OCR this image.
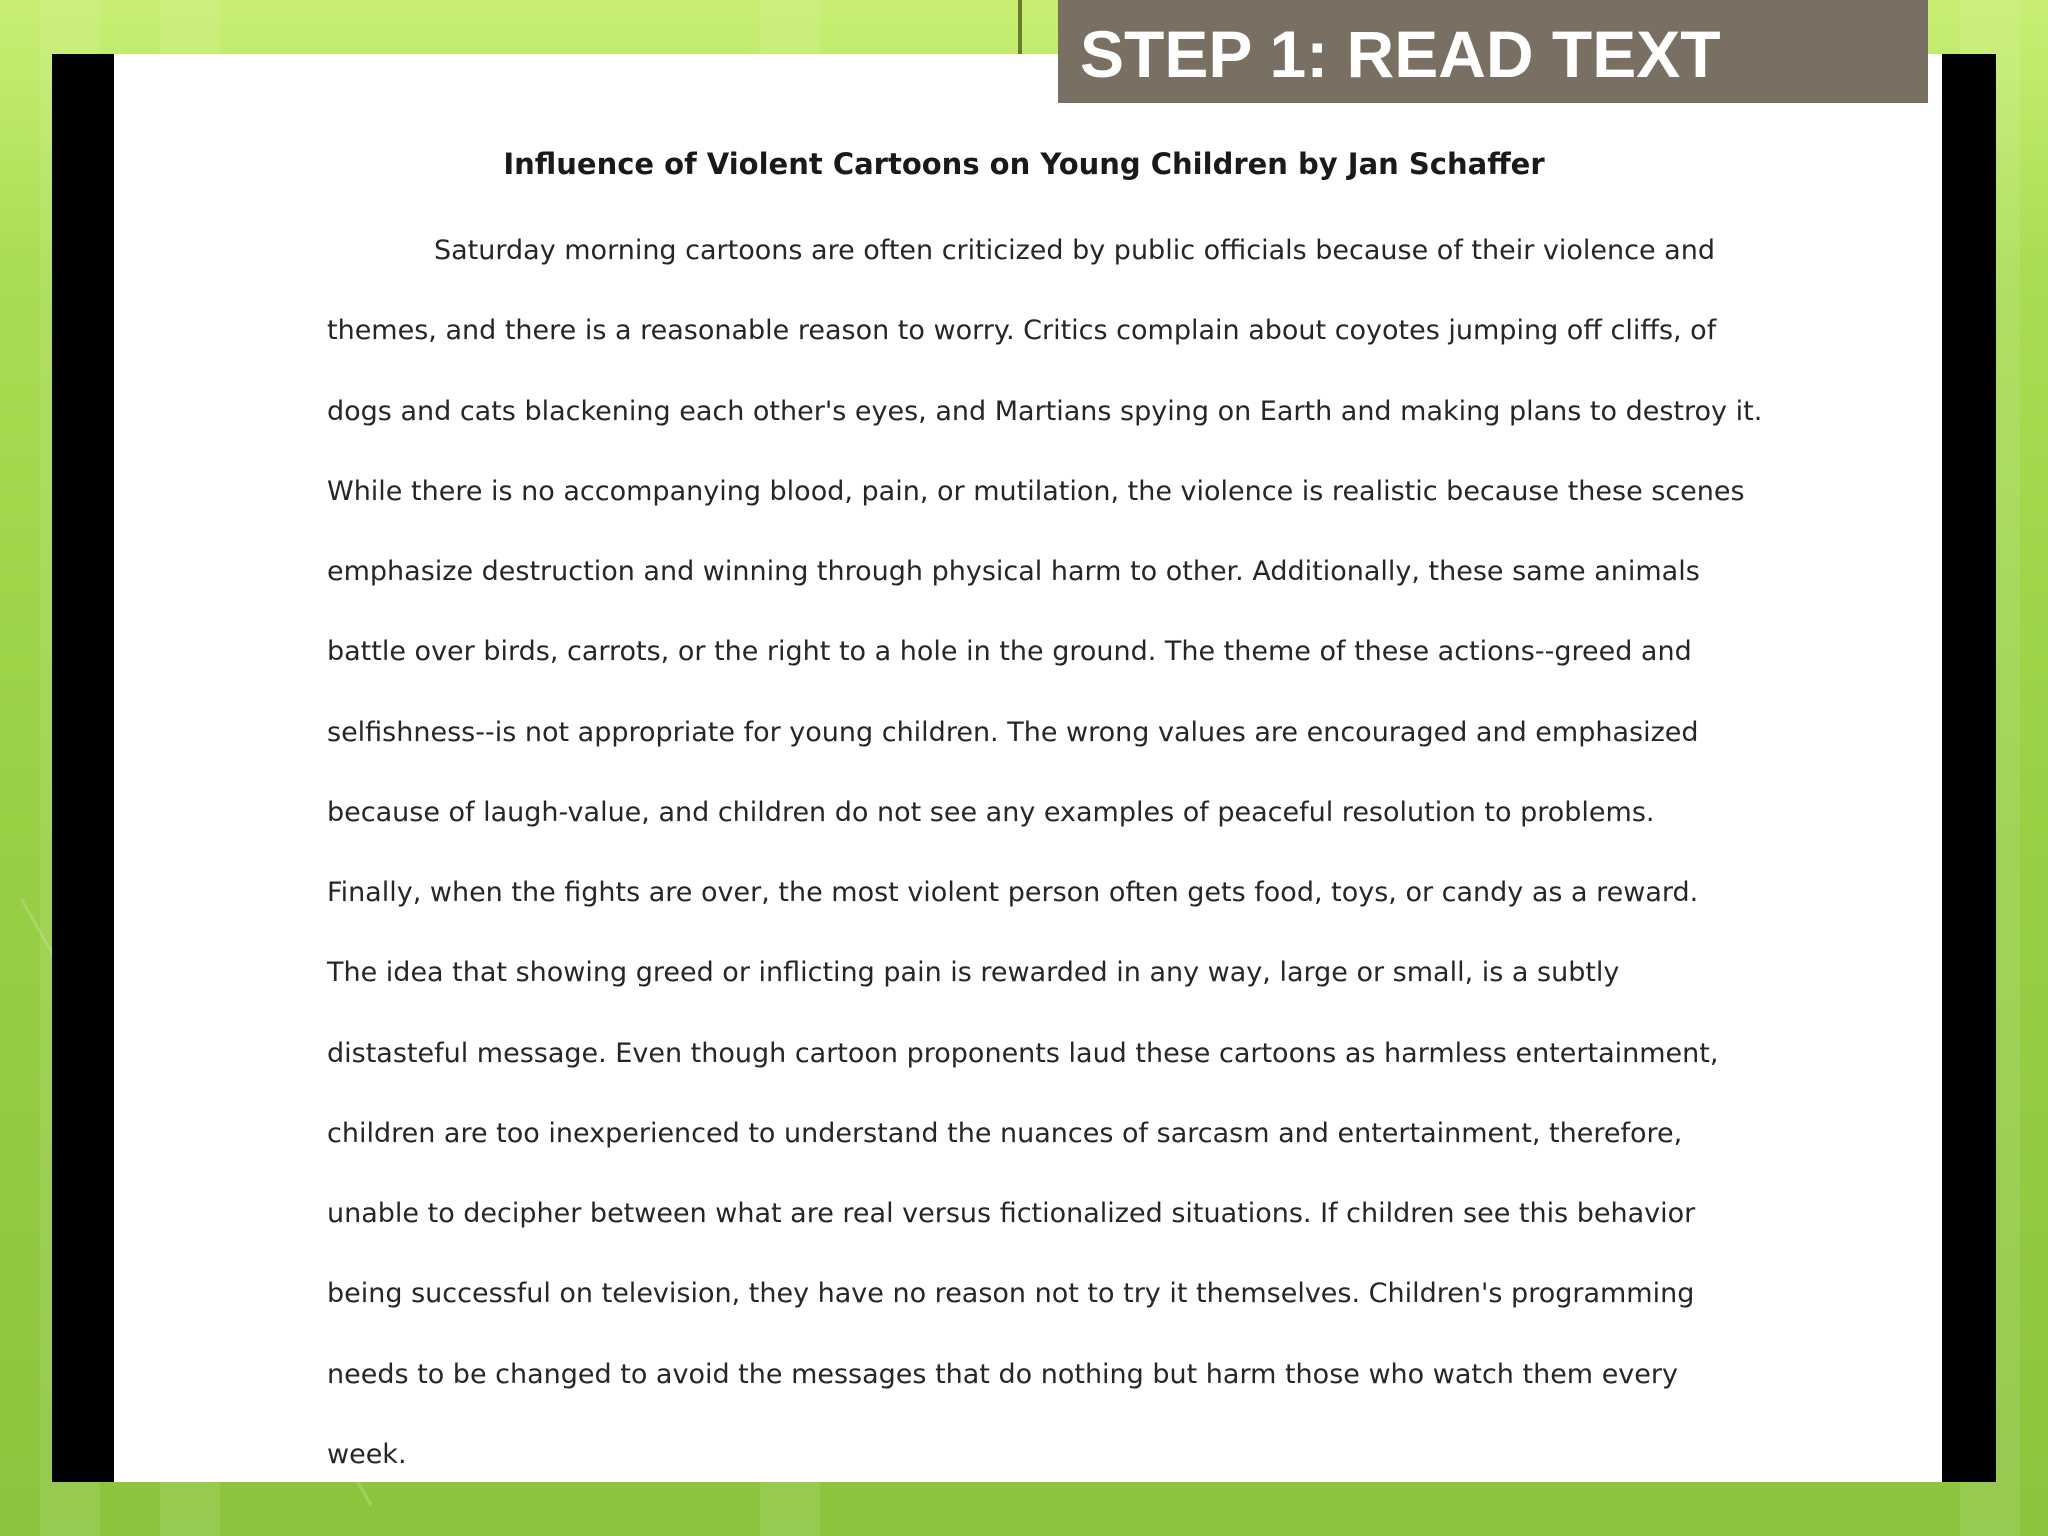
STEP 1: READ TEXT
Influence of Violent Cartoons on Young Children by Jan Schaffer
Saturday morning cartoons are often criticized by public officials because of their violence and
themes, and there is a reasonable reason to worry. Critics complain about coyotes jumping off cliffs, of
dogs and cats blackening each other's eyes, and Martians spying on Earth and making plans to destroy it.
While there is no accompanying blood, pain, or mutilation, the violence is realistic because these scenes
emphasize destruction and winning through physical harm to other. Additionally, these same animals
battle over birds, carrots, or the right to a hole in the ground. The theme of these actions--greed and
selfishness--is not appropriate for young children. The wrong values are encouraged and emphasized
because of laugh-value, and children do not see any examples of peaceful resolution to problems.
Finally, when the fights are over, the most violent person often gets food, toys, or candy as a reward.
The idea that showing greed or inflicting pain is rewarded in any way, large or small, is a subtly
distasteful message. Even though cartoon proponents laud these cartoons as harmless entertainment,
children are too inexperienced to understand the nuances of sarcasm and entertainment, therefore,
unable to decipher between what are real versus fictionalized situations. If children see this behavior
being successful on television, they have no reason not to try it themselves. Children's programming
needs to be changed to avoid the messages that do nothing but harm those who watch them every
week.
